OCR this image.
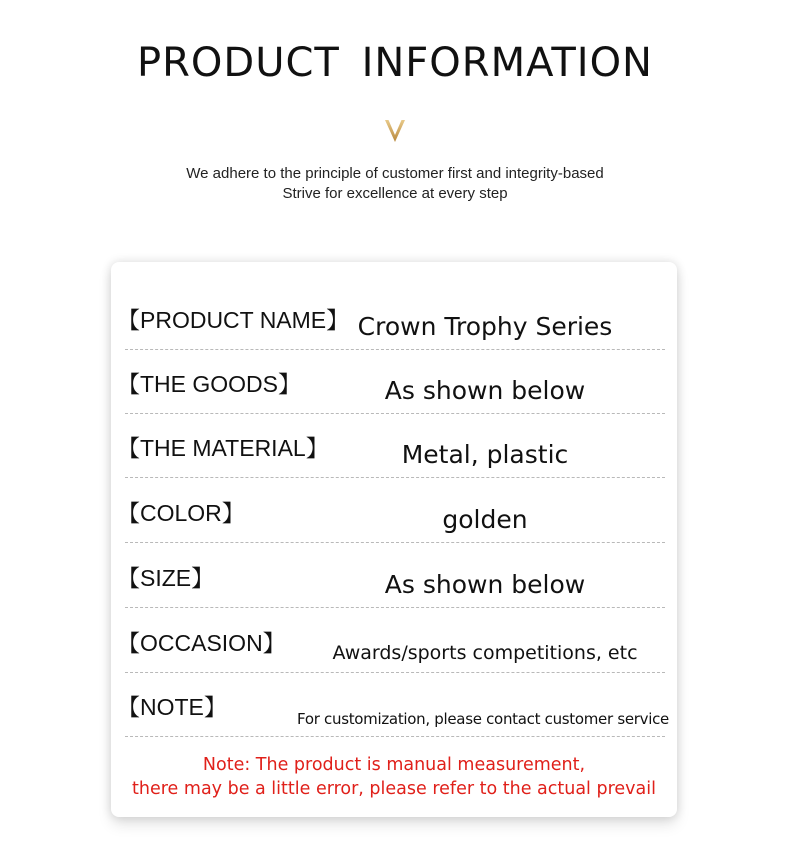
PRODUCT INFORMATION
We adhere to the principle of customer first and integrity-based
Strive for excellence at every step
【PRODUCT NAME】 Crown Trophy Series
【THE GOODS】	As shown below
【THE MATERIAL】	Metal, plastic
【COLOR】	golden
【SIZE】	As shown below
【OCCASION】	Awards/sports competitions, etc
【NOTE】	For customization, please contact customer service
Note: The product is manual measurement,
there may be a little error, please refer to the actual prevail
